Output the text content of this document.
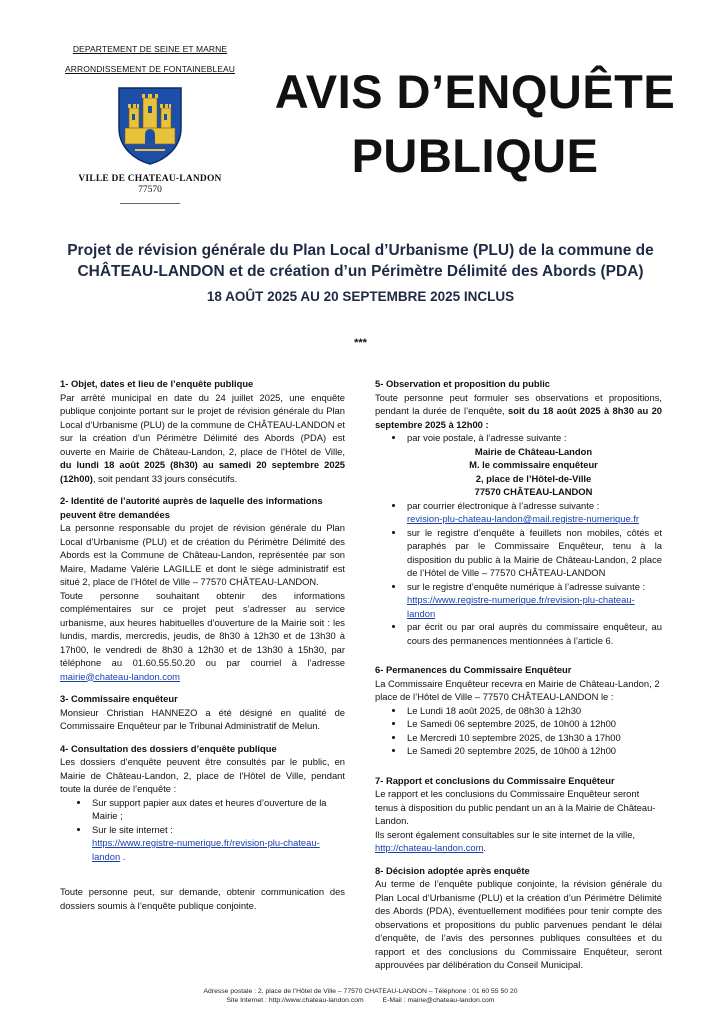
DEPARTEMENT DE SEINE ET MARNE
ARRONDISSEMENT DE FONTAINEBLEAU
VILLE DE CHATEAU-LANDON
77570
AVIS D’ENQUÊTE
PUBLIQUE
Projet de révision générale du Plan Local d’Urbanisme (PLU) de la commune de
CHÂTEAU-LANDON et de création d’un Périmètre Délimité des Abords (PDA)
18 AOÛT 2025 AU 20 SEPTEMBRE 2025 INCLUS
***
1- Objet, dates et lieu de l’enquête publique
Par arrêté municipal en date du 24 juillet 2025, une enquête publique conjointe portant sur le projet de révision générale du Plan Local d’Urbanisme (PLU) de la commune de CHÂTEAU-LANDON et sur la création d’un Périmètre Délimité des Abords (PDA) est ouverte en Mairie de Château-Landon, 2, place de l’Hôtel de Ville, du lundi 18 août 2025 (8h30) au samedi 20 septembre 2025 (12h00), soit pendant 33 jours consécutifs.
2- Identité de l’autorité auprès de laquelle des informations peuvent être demandées
La personne responsable du projet de révision générale du Plan Local d’Urbanisme (PLU) et de création du Périmètre Délimité des Abords est la Commune de Château-Landon, représentée par son Maire, Madame Valérie LAGILLE et dont le siège administratif est situé 2, place de l’Hôtel de Ville – 77570 CHÂTEAU-LANDON.
Toute personne souhaitant obtenir des informations complémentaires sur ce projet peut s’adresser au service urbanisme, aux heures habituelles d’ouverture de la Mairie soit : les lundis, mardis, mercredis, jeudis, de 8h30 à 12h30 et de 13h30 à 17h00, le vendredi de 8h30 à 12h30 et de 13h30 à 15h30, par téléphone au 01.60.55.50.20 ou par courriel à l’adresse mairie@chateau-landon.com
3- Commissaire enquêteur
Monsieur Christian HANNEZO a été désigné en qualité de Commissaire Enquêteur par le Tribunal Administratif de Melun.
4- Consultation des dossiers d’enquête publique
Les dossiers d’enquête peuvent être consultés par le public, en Mairie de Château-Landon, 2, place de l’Hôtel de Ville, pendant toute la durée de l’enquête :
• Sur support papier aux dates et heures d’ouverture de la Mairie ;
• Sur le site internet :
https://www.registre-numerique.fr/revision-plu-chateau-landon .
Toute personne peut, sur demande, obtenir communication des dossiers soumis à l’enquête publique conjointe.
5- Observation et proposition du public
Toute personne peut formuler ses observations et propositions, pendant la durée de l’enquête, soit du 18 août 2025 à 8h30 au 20 septembre 2025 à 12h00 :
• par voie postale, à l’adresse suivante :
Mairie de Château-Landon
M. le commissaire enquêteur
2, place de l’Hôtel-de-Ville
77570 CHÂTEAU-LANDON
• par courrier électronique à l’adresse suivante :
revision-plu-chateau-landon@mail.registre-numerique.fr
• sur le registre d’enquête à feuillets non mobiles, côtés et paraphés par le Commissaire Enquêteur, tenu à la disposition du public à la Mairie de Château-Landon, 2 place de l’Hôtel de Ville – 77570 CHÂTEAU-LANDON
• sur le registre d’enquête numérique à l’adresse suivante :
https://www.registre-numerique.fr/revision-plu-chateau-landon
• par écrit ou par oral auprès du commissaire enquêteur, au cours des permanences mentionnées à l’article 6.
6- Permanences du Commissaire Enquêteur
La Commissaire Enquêteur recevra en Mairie de Château-Landon, 2 place de l’Hôtel de Ville – 77570 CHÂTEAU-LANDON le :
• Le Lundi 18 août 2025, de 08h30 à 12h30
• Le Samedi 06 septembre 2025, de 10h00 à 12h00
• Le Mercredi 10 septembre 2025, de 13h30 à 17h00
• Le Samedi 20 septembre 2025, de 10h00 à 12h00
7- Rapport et conclusions du Commissaire Enquêteur
Le rapport et les conclusions du Commissaire Enquêteur seront tenus à disposition du public pendant un an à la Mairie de Château-Landon.
Ils seront également consultables sur le site internet de la ville,
http://chateau-landon.com.
8- Décision adoptée après enquête
Au terme de l’enquête publique conjointe, la révision générale du Plan Local d’Urbanisme (PLU) et la création d’un Périmètre Délimité des Abords (PDA), éventuellement modifiées pour tenir compte des observations et propositions du public parvenues pendant le délai d’enquête, de l’avis des personnes publiques consultées et du rapport et des conclusions du Commissaire Enquêteur, seront approuvées par délibération du Conseil Municipal.
Adresse postale : 2, place de l’Hôtel de Ville – 77570 CHATEAU-LANDON – Téléphone : 01 60 55 50 20
Site Internet : http://www.chateau-landon.com          E-Mail : mairie@chateau-landon.com
